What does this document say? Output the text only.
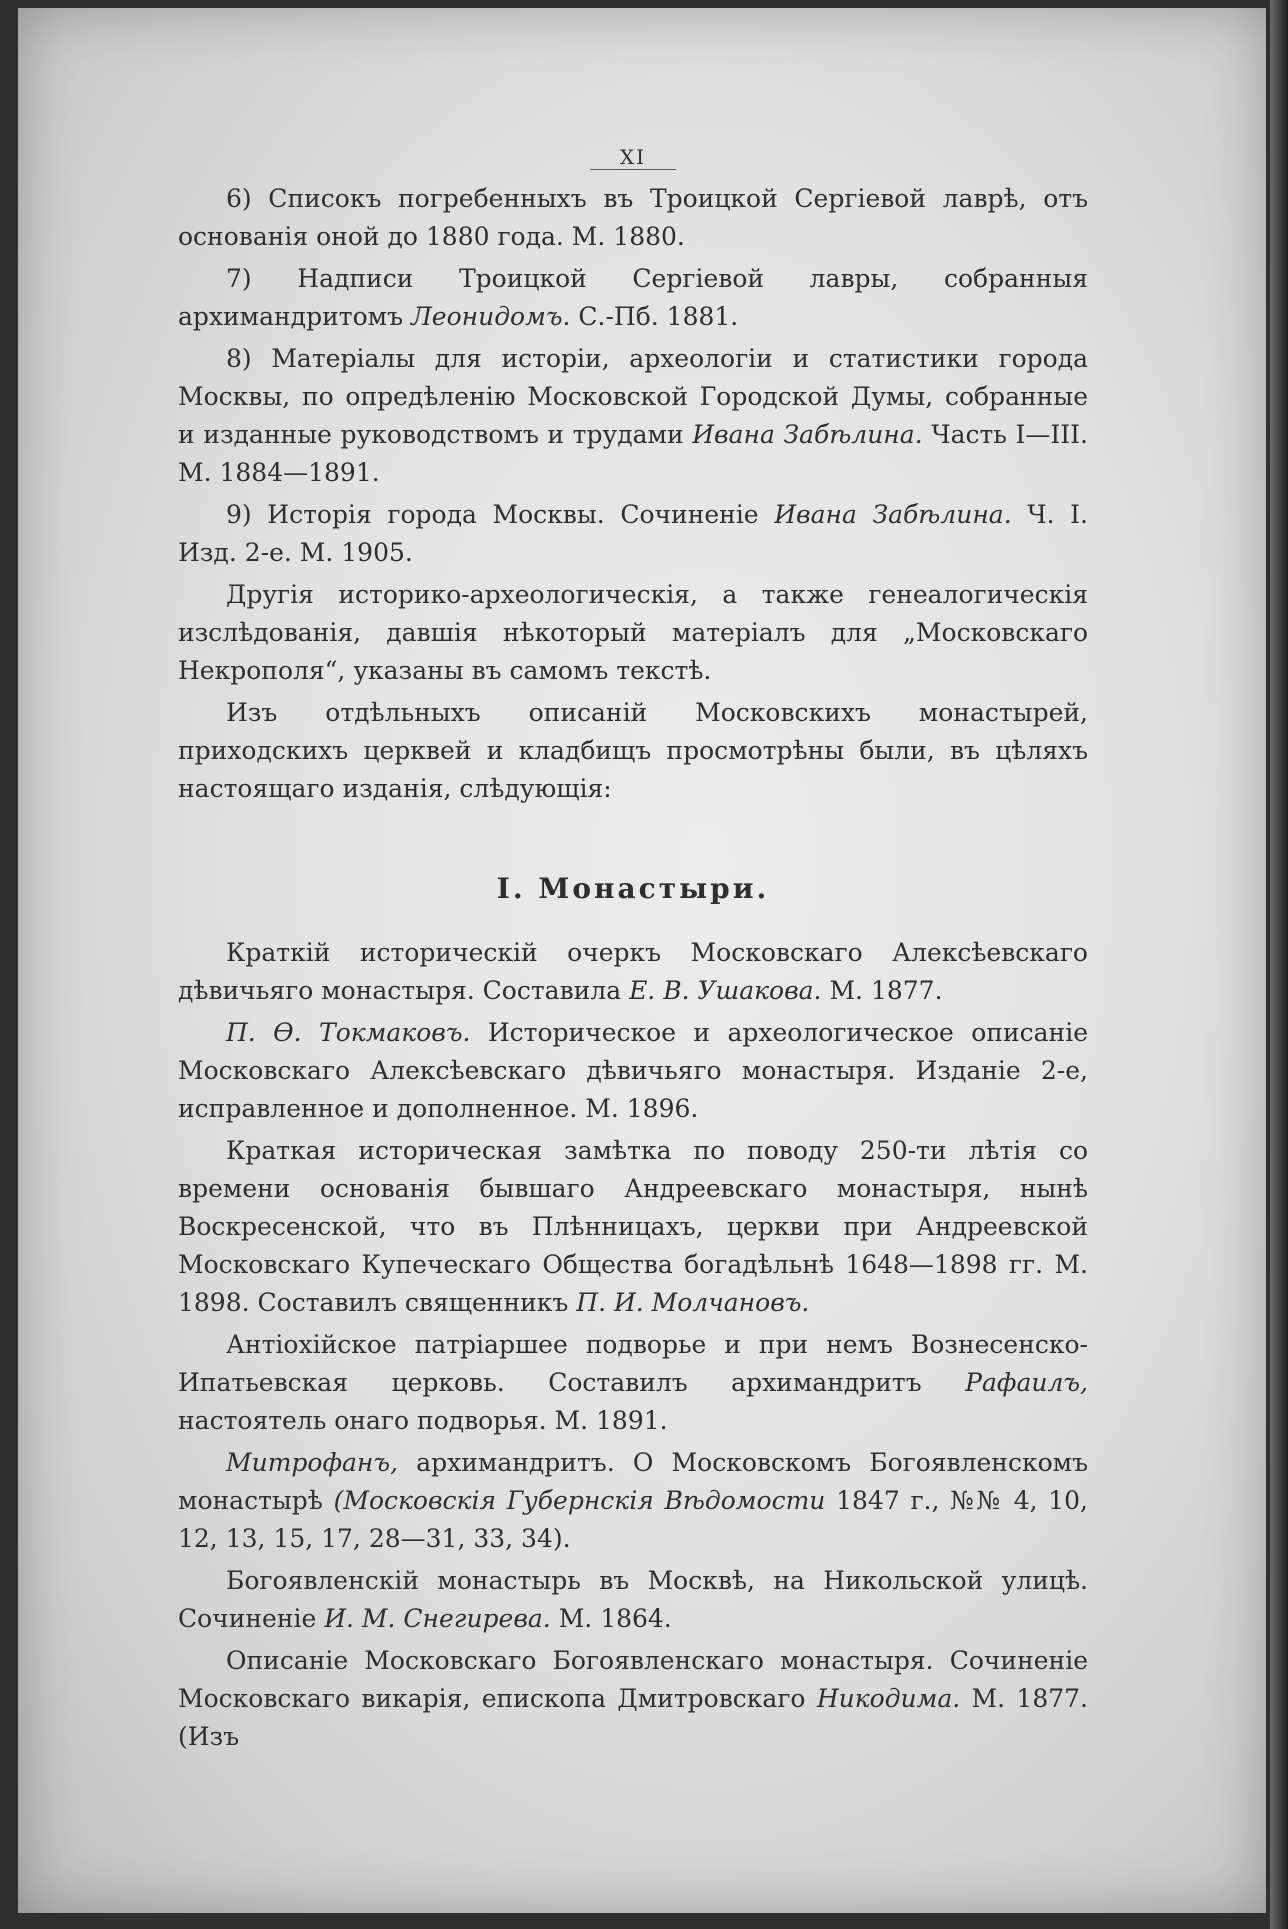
XI

6) Списокъ погребенныхъ въ Троицкой Сергіевой лаврѣ, отъ основанія оной до 1880 года. М. 1880.

7) Надписи Троицкой Сергіевой лавры, собранныя архимандритомъ Леонидомъ. С.-Пб. 1881.

8) Матеріалы для исторіи, археологіи и статистики города Москвы, по опредѣленію Московской Городской Думы, собранные и изданные руководствомъ и трудами Ивана Забѣлина. Часть I—III. М. 1884—1891.

9) Исторія города Москвы. Сочиненіе Ивана Забѣлина. Ч. I. Изд. 2-е. М. 1905.

Другія историко-археологическія, а также генеалогическія изслѣдованія, давшія нѣкоторый матеріалъ для „Московскаго Некрополя“, указаны въ самомъ текстѣ.

Изъ отдѣльныхъ описаній Московскихъ монастырей, приходскихъ церквей и кладбищъ просмотрѣны были, въ цѣляхъ настоящаго изданія, слѣдующія:

I. Монастыри.

Краткій историческій очеркъ Московскаго Алексѣевскаго дѣвичьяго монастыря. Составила Е. В. Ушакова. М. 1877.

П. Ѳ. Токмаковъ. Историческое и археологическое описаніе Московскаго Алексѣевскаго дѣвичьяго монастыря. Изданіе 2-е, исправленное и дополненное. М. 1896.

Краткая историческая замѣтка по поводу 250-ти лѣтія со времени основанія бывшаго Андреевскаго монастыря, нынѣ Воскресенской, что въ Плѣнницахъ, церкви при Андреевской Московскаго Купеческаго Общества богадѣльнѣ 1648—1898 гг. М. 1898. Составилъ священникъ П. И. Молчановъ.

Антіохійское патріаршее подворье и при немъ Вознесенско-Ипатьевская церковь. Составилъ архимандритъ Рафаилъ, настоятель онаго подворья. М. 1891.

Митрофанъ, архимандритъ. О Московскомъ Богоявленскомъ монастырѣ (Московскія Губернскія Вѣдомости 1847 г., №№ 4, 10, 12, 13, 15, 17, 28—31, 33, 34).

Богоявленскій монастырь въ Москвѣ, на Никольской улицѣ. Сочиненіе И. М. Снегирева. М. 1864.

Описаніе Московскаго Богоявленскаго монастыря. Сочиненіе Московскаго викарія, епископа Дмитровскаго Никодима. М. 1877. (Изъ
